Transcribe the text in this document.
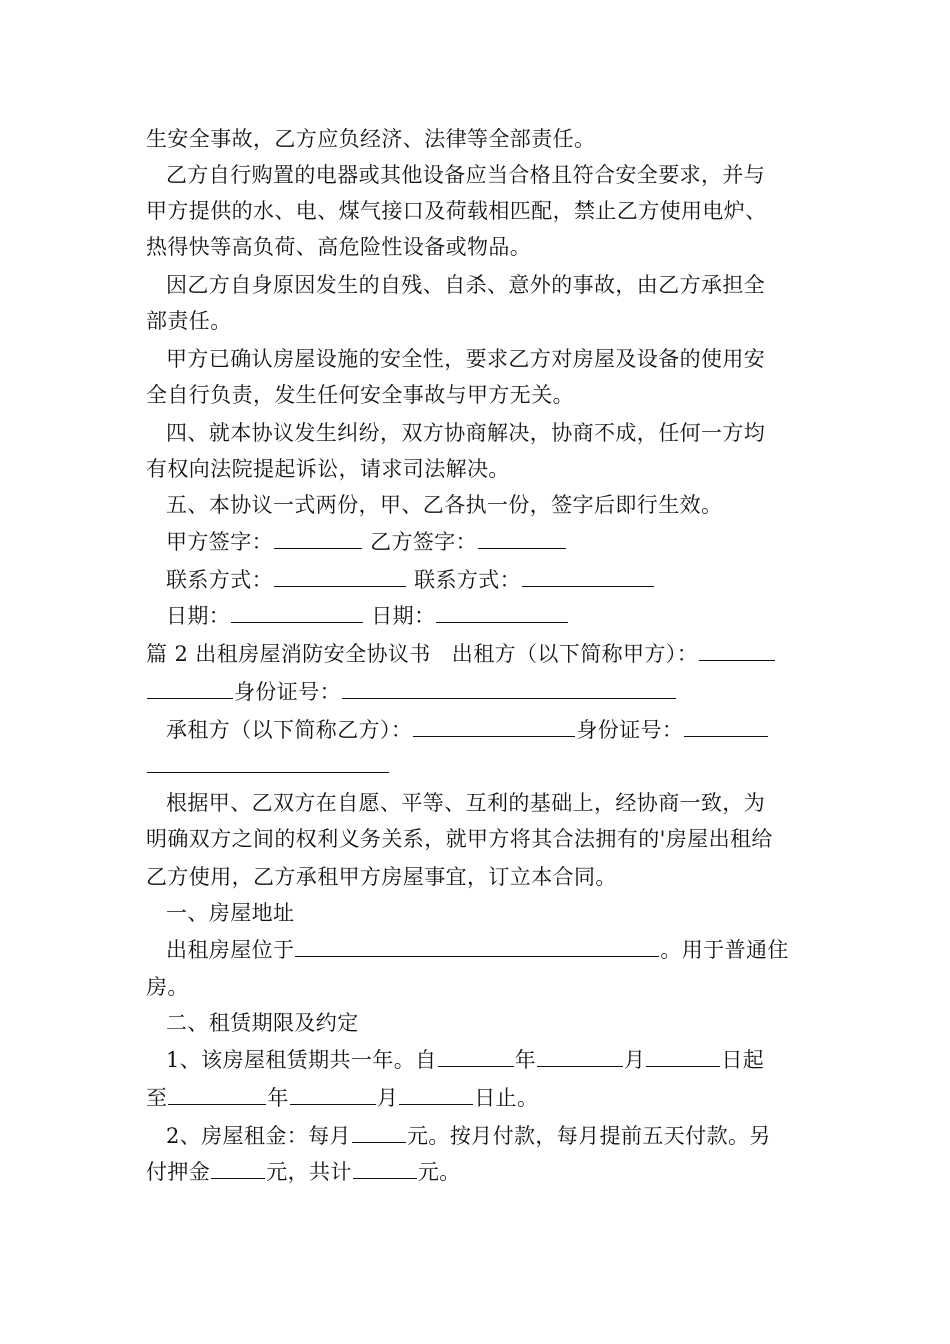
生安全事故，乙方应负经济、法律等全部责任。
乙方自行购置的电器或其他设备应当合格且符合安全要求，并与
甲方提供的水、电、煤气接口及荷载相匹配，禁止乙方使用电炉、
热得快等高负荷、高危险性设备或物品。
因乙方自身原因发生的自残、自杀、意外的事故，由乙方承担全
部责任。
甲方已确认房屋设施的安全性，要求乙方对房屋及设备的使用安
全自行负责，发生任何安全事故与甲方无关。
四、就本协议发生纠纷，双方协商解决，协商不成，任何一方均
有权向法院提起诉讼，请求司法解决。
五、本协议一式两份，甲、乙各执一份，签字后即行生效。
甲方签字：	乙方签字：
联系方式：	联系方式：
日期：	日期：
篇 2 出租房屋消防安全协议书 出租方（以下简称甲方）：
身份证号：
承租方（以下简称乙方）：	身份证号：
根据甲、乙双方在自愿、平等、互利的基础上，经协商一致，为
明确双方之间的权利义务关系，就甲方将其合法拥有的'房屋出租给
乙方使用，乙方承租甲方房屋事宜，订立本合同。
一、房屋地址
出租房屋位于	。用于普通住
房。
二、租赁期限及约定
1、该房屋租赁期共一年。自	年	月	日起
至	年	月	日止。
2、房屋租金：每月	元。按月付款，每月提前五天付款。另
付押金	元，共计	元。
